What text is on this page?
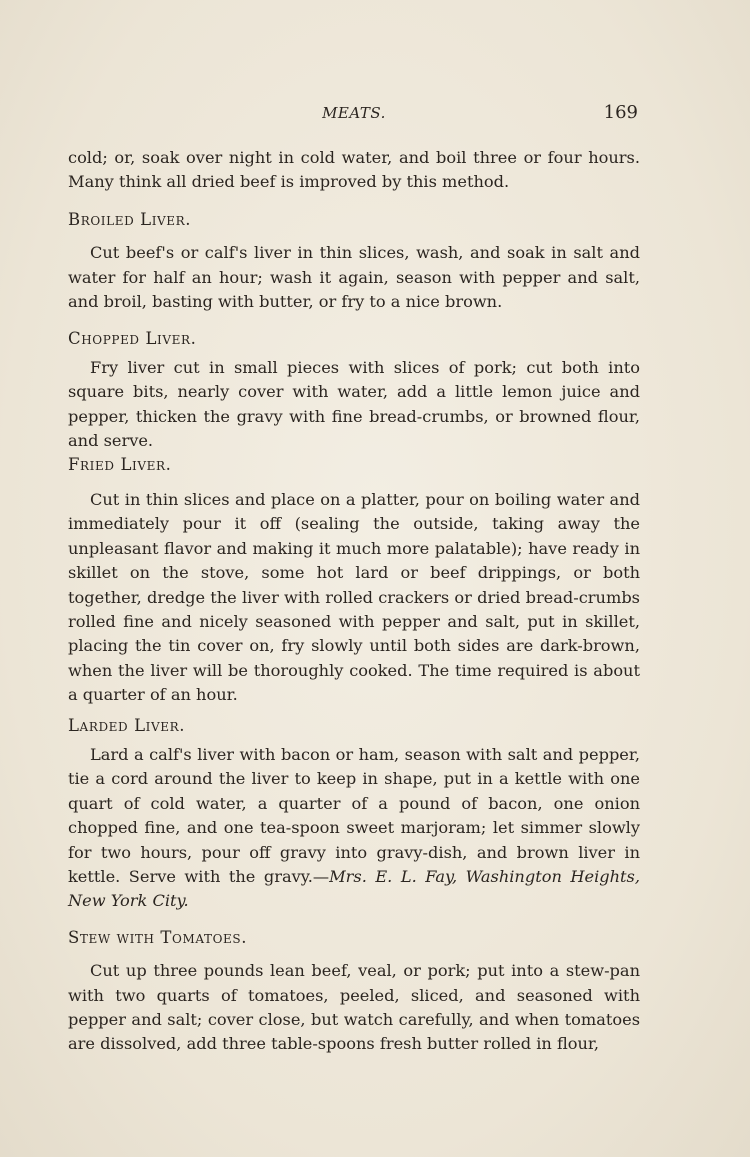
MEATS.	169

cold; or, soak over night in cold water, and boil three or four hours. Many think all dried beef is improved by this method.

Broiled Liver.

Cut beef's or calf's liver in thin slices, wash, and soak in salt and water for half an hour; wash it again, season with pepper and salt, and broil, basting with butter, or fry to a nice brown.

Chopped Liver.

Fry liver cut in small pieces with slices of pork; cut both into square bits, nearly cover with water, add a little lemon juice and pepper, thicken the gravy with fine bread-crumbs, or browned flour, and serve.

Fried Liver.

Cut in thin slices and place on a platter, pour on boiling water and immediately pour it off (sealing the outside, taking away the unpleasant flavor and making it much more palatable); have ready in skillet on the stove, some hot lard or beef drippings, or both together, dredge the liver with rolled crackers or dried bread-crumbs rolled fine and nicely seasoned with pepper and salt, put in skillet, placing the tin cover on, fry slowly until both sides are dark-brown, when the liver will be thoroughly cooked. The time required is about a quarter of an hour.

Larded Liver.

Lard a calf's liver with bacon or ham, season with salt and pepper, tie a cord around the liver to keep in shape, put in a kettle with one quart of cold water, a quarter of a pound of bacon, one onion chopped fine, and one tea-spoon sweet marjoram; let simmer slowly for two hours, pour off gravy into gravy-dish, and brown liver in kettle. Serve with the gravy.—Mrs. E. L. Fay, Washington Heights, New York City.

Stew with Tomatoes.

Cut up three pounds lean beef, veal, or pork; put into a stew-pan with two quarts of tomatoes, peeled, sliced, and seasoned with pepper and salt; cover close, but watch carefully, and when tomatoes are dissolved, add three table-spoons fresh butter rolled in flour,
